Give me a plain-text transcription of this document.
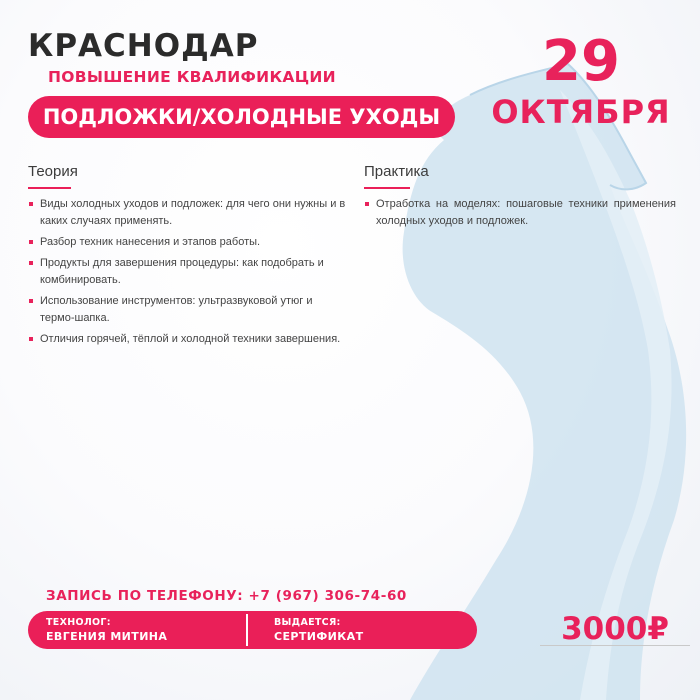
КРАСНОДАР
ПОВЫШЕНИЕ КВАЛИФИКАЦИИ
ПОДЛОЖКИ/ХОЛОДНЫЕ УХОДЫ
29
ОКТЯБРЯ
Теория
Виды холодных уходов и подложек: для чего они нужны и в каких случаях применять.
Разбор техник нанесения и этапов работы.
Продукты для завершения процедуры: как подобрать и комбинировать.
Использование инструментов: ультразвуковой утюг и термо-шапка.
Отличия горячей, тёплой и холодной техники завершения.
Практика
Отработка на моделях: пошаговые техники применения холодных уходов и подложек.
ЗАПИСЬ ПО ТЕЛЕФОНУ: +7 (967) 306-74-60
ТЕХНОЛОГ:
ЕВГЕНИЯ МИТИНА
ВЫДАЕТСЯ:
СЕРТИФИКАТ	3000₽
